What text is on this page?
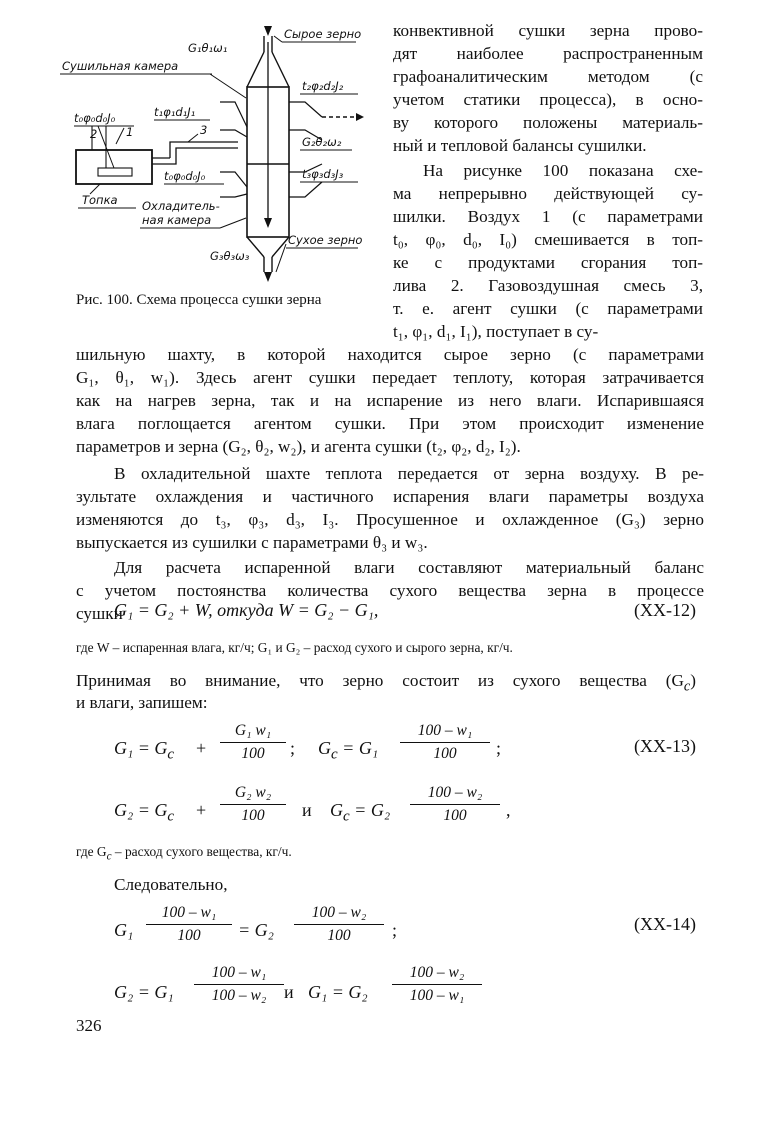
G₁θ₁ω₁
Сырое зерно
Сушильная камера
t₀φ₀d₀J₀	t₁φ₁d₁J₁
t₂φ₂d₂J₂
2 1	3
G₂θ₂ω₂
t₀φ₀d₀J₀	t₃φ₃d₃J₃
Топка Охладитель-
ная камера
Сухое зерно
G₃θ₃ω₃
Рис. 100. Схема процесса сушки зерна
конвективной сушки зерна прово-
дят наиболее распространенным
графоаналитическим методом (с
учетом статики процесса), в осно-
ву которого положены материаль-
ный и тепловой балансы сушилки.
На рисунке 100 показана схе-
ма непрерывно действующей су-
шилки. Воздух 1 (с параметрами
t₀, φ₀, d₀, I₀) смешивается в топ-
ке с продуктами сгорания топ-
лива 2. Газовоздушная смесь 3,
т. е. агент сушки (с параметрами
t₁, φ₁, d₁, I₁), поступает в су-
шильную шахту, в которой находится сырое зерно (с параметрами
G₁, θ₁, w₁). Здесь агент сушки передает теплоту, которая затрачивается
как на нагрев зерна, так и на испарение из него влаги. Испарившаяся
влага поглощается агентом сушки. При этом происходит изменение
параметров и зерна (G₂, θ₂, w₂), и агента сушки (t₂, φ₂, d₂, I₂).
В охладительной шахте теплота передается от зерна воздуху. В ре-
зультате охлаждения и частичного испарения влаги параметры воздуха
изменяются до t₃, φ₃, d₃, I₃. Просушенное и охлажденное (G₃) зерно
выпускается из сушилки с параметрами θ₃ и w₃.
Для расчета испаренной влаги составляют материальный баланс
с учетом постоянства количества сухого вещества зерна в процессе
сушки
G₁ = G₂ + W, откуда W = G₂ − G₁,	(XX-12)
где W – испаренная влага, кг/ч; G₁ и G₂ – расход сухого и сырого зерна, кг/ч.
Принимая во внимание, что зерно состоит из сухого вещества $(G_c)$
и влаги, запишем:
$G_1 = G_c + \frac{\text{G₁ w₁}}{100}$ ; $G_c = G_1 \frac{\text{100 – w₁}}{100}$ ;	(XX-13)
$G_2 = G_c + \frac{\text{G₂ w₂}}{100}$ и $G_c = G_2 \frac{\text{100 – w₂}}{100}$ ,
где $G_c$ – расход сухого вещества, кг/ч.
Следовательно,
$G_1 \frac{\text{100 – w₁}}{100} = G_2 \frac{\text{100 – w₂}}{100}$ ;	(XX-14)
$G_2 = G_1 \frac{\text{100 – w₁}}{\text{100 – w₂}}$ и $G_1 = G_2 \frac{\text{100 – w₂}}{\text{100 – w₁}}$
326
